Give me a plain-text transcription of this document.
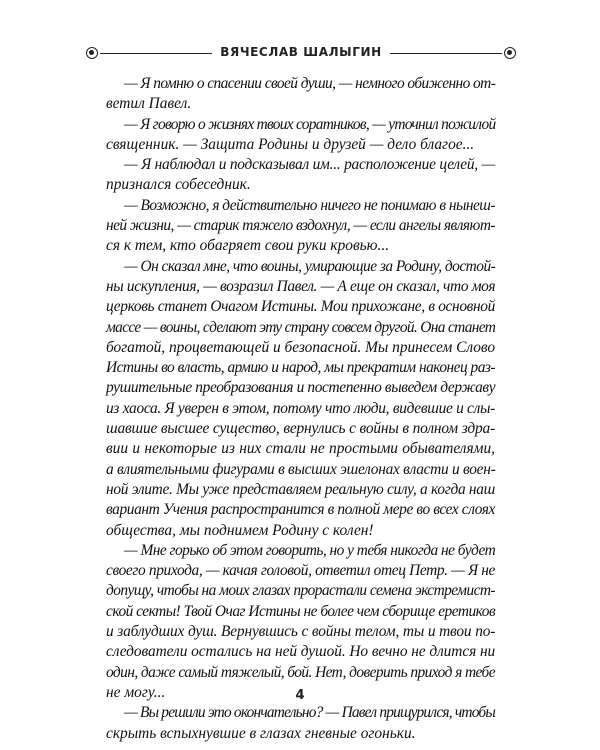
ВЯЧЕСЛАВ ШАЛЫГИН

— Я помню о спасении своей души, — немного обиженно от-
ветил Павел.

— Я говорю о жизнях твоих соратников, — уточнил пожилой
священник. — Защита Родины и друзей — дело благое...

— Я наблюдал и подсказывал им... расположение целей, —
признался собеседник.

— Возможно, я действительно ничего не понимаю в нынеш-
ней жизни, — старик тяжело вздохнул, — если ангелы являют-
ся к тем, кто обагряет свои руки кровью...

— Он сказал мне, что воины, умирающие за Родину, достой-
ны искупления, — возразил Павел. — А еще он сказал, что моя
церковь станет Очагом Истины. Мои прихожане, в основной
массе — воины, сделают эту страну совсем другой. Она станет
богатой, процветающей и безопасной. Мы принесем Слово
Истины во власть, армию и народ, мы прекратим наконец раз-
рушительные преобразования и постепенно выведем державу
из хаоса. Я уверен в этом, потому что люди, видевшие и слы-
шавшие высшее существо, вернулись с войны в полном здра-
вии и некоторые из них стали не простыми обывателями,
а влиятельными фигурами в высших эшелонах власти и воен-
ной элите. Мы уже представляем реальную силу, а когда наш
вариант Учения распространится в полной мере во всех слоях
общества, мы поднимем Родину с колен!

— Мне горько об этом говорить, но у тебя никогда не будет
своего прихода, — качая головой, ответил отец Петр. — Я не
допущу, чтобы на моих глазах прорастали семена экстремист-
ской секты! Твой Очаг Истины не более чем сборище еретиков
и заблудших душ. Вернувшись с войны телом, ты и твои по-
следователи остались на ней душой. Но вечно не длится ни
один, даже самый тяжелый, бой. Нет, доверить приход я тебе
не могу...

— Вы решили это окончательно? — Павел прищурился, чтобы
скрыть вспыхнувшие в глазах гневные огоньки.

4
